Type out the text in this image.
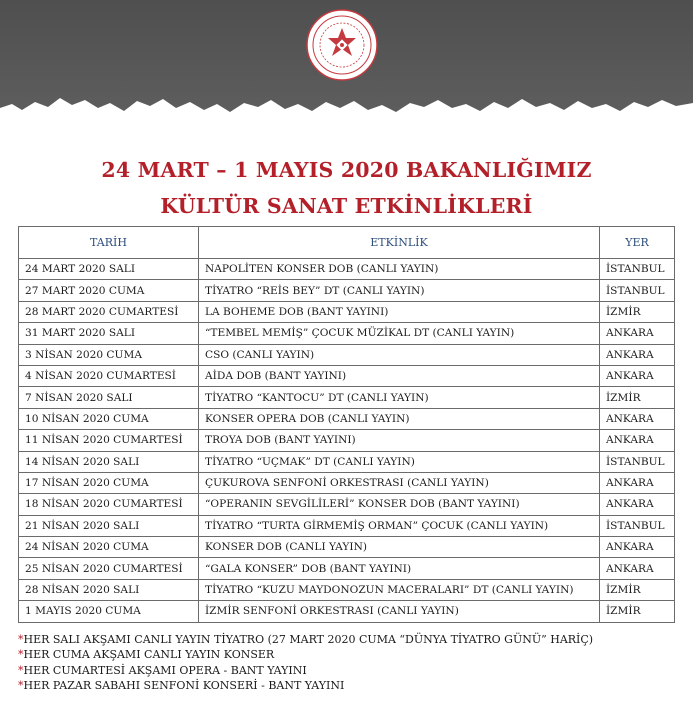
24 MART – 1 MAYIS 2020 BAKANLIĞIMIZ
KÜLTÜR SANAT ETKİNLİKLERİ
TARİH	ETKİNLİK	YER
24 MART 2020 SALI	NAPOLİTEN KONSER DOB (CANLI YAYIN)	İSTANBUL
27 MART 2020 CUMA	TİYATRO “REİS BEY” DT (CANLI YAYIN)	İSTANBUL
28 MART 2020 CUMARTESİ	LA BOHEME DOB (BANT YAYINI)	İZMİR
31 MART 2020 SALI	“TEMBEL MEMİŞ” ÇOCUK MÜZİKAL DT (CANLI YAYIN)	ANKARA
3 NİSAN 2020 CUMA	CSO (CANLI YAYIN)	ANKARA
4 NİSAN 2020 CUMARTESİ	AİDA DOB (BANT YAYINI)	ANKARA
7 NİSAN 2020 SALI	TİYATRO “KANTOCU” DT (CANLI YAYIN)	İZMİR
10 NİSAN 2020 CUMA	KONSER OPERA DOB (CANLI YAYIN)	ANKARA
11 NİSAN 2020 CUMARTESİ	TROYA DOB (BANT YAYINI)	ANKARA
14 NİSAN 2020 SALI	TİYATRO “UÇMAK” DT (CANLI YAYIN)	İSTANBUL
17 NİSAN 2020 CUMA	ÇUKUROVA SENFONİ ORKESTRASI (CANLI YAYIN)	ANKARA
18 NİSAN 2020 CUMARTESİ	“OPERANIN SEVGİLİLERİ” KONSER DOB (BANT YAYINI)	ANKARA
21 NİSAN 2020 SALI	TİYATRO “TURTA GİRMEMİŞ ORMAN” ÇOCUK (CANLI YAYIN)	İSTANBUL
24 NİSAN 2020 CUMA	KONSER DOB (CANLI YAYIN)	ANKARA
25 NİSAN 2020 CUMARTESİ	“GALA KONSER” DOB (BANT YAYINI)	ANKARA
28 NİSAN 2020 SALI	TİYATRO “KUZU MAYDONOZUN MACERALARI” DT (CANLI YAYIN)	İZMİR
1 MAYIS 2020 CUMA	İZMİR SENFONİ ORKESTRASI (CANLI YAYIN)	İZMİR
*HER SALI AKŞAMI CANLI YAYIN TİYATRO (27 MART 2020 CUMA “DÜNYA TİYATRO GÜNÜ” HARİÇ)
*HER CUMA AKŞAMI CANLI YAYIN KONSER
*HER CUMARTESİ AKŞAMI OPERA - BANT YAYINI
*HER PAZAR SABAHI SENFONİ KONSERİ - BANT YAYINI
